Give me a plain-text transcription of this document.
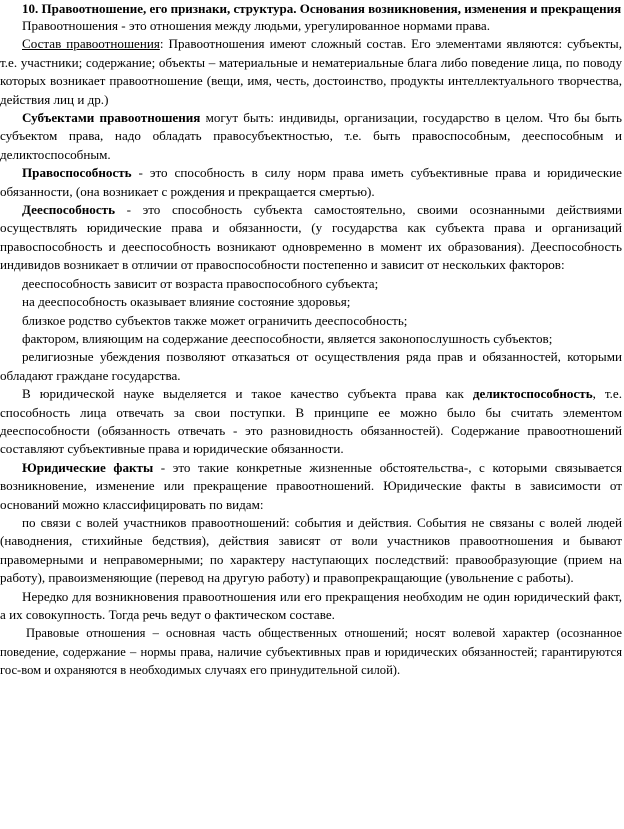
10. Правоотношение, его признаки, структура. Основания возникновения, изменения и прекращения

Правоотношения - это отношения между людьми, урегулированное нормами права.

Состав правоотношения: Правоотношения имеют сложный состав. Его элементами являются: субъекты, т.е. участники; содержание; объекты – материальные и нематериальные блага либо поведение лица, по поводу которых возникает правоотношение (вещи, имя, честь, достоинство, продукты интеллектуального творчества, действия лиц и др.)

Субъектами правоотношения могут быть: индивиды, организации, государство в целом. Что бы быть субъектом права, надо обладать правосубъектностью, т.е. быть правоспособным, дееспособным и деликтоспособным.

Правоспособность - это способность в силу норм права иметь субъективные права и юридические обязанности, (она возникает с рождения и прекращается смертью).

Дееспособность - это способность субъекта самостоятельно, своими осознанными действиями осуществлять юридические права и обязанности, (у государства как субъекта права и организаций правоспособность и дееспособность возникают одновременно в момент их образования). Дееспособность индивидов возникает в отличии от правоспособности постепенно и зависит от нескольких факторов:

дееспособность зависит от возраста правоспособного субъекта;

на дееспособность оказывает влияние состояние здоровья;

близкое родство субъектов также может ограничить дееспособность;

фактором, влияющим на содержание дееспособности, является законопослушность субъектов;

религиозные убеждения позволяют отказаться от осуществления ряда прав и обязанностей, которыми обладают граждане государства.

В юридической науке выделяется и такое качество субъекта права как деликтоспособность, т.е. способность лица отвечать за свои поступки. В принципе ее можно было бы считать элементом дееспособности (обязанность отвечать - это разновидность обязанностей). Содержание правоотношений составляют субъективные права и юридические обязанности.

Юридические факты - это такие конкретные жизненные обстоятельства-, с которыми связывается возникновение, изменение или прекращение правоотношений. Юридические факты в зависимости от оснований можно классифицировать по видам:

по связи с волей участников правоотношений: события и действия. События не связаны с волей людей (наводнения, стихийные бедствия), действия зависят от воли участников правоотношения и бывают правомерными и неправомерными; по характеру наступающих последствий: правообразующие (прием на работу), правоизменяющие (перевод на другую работу) и правопрекращающие (увольнение с работы).

Нередко для возникновения правоотношения или его прекращения необходим не один юридический факт, а их совокупность. Тогда речь ведут о фактическом составе.

Правовые отношения – основная часть общественных отношений; носят волевой характер (осознанное поведение, содержание – нормы права, наличие субъективных прав и юридических обязанностей; гарантируются гос-вом и охраняются в необходимых случаях его принудительной силой).
